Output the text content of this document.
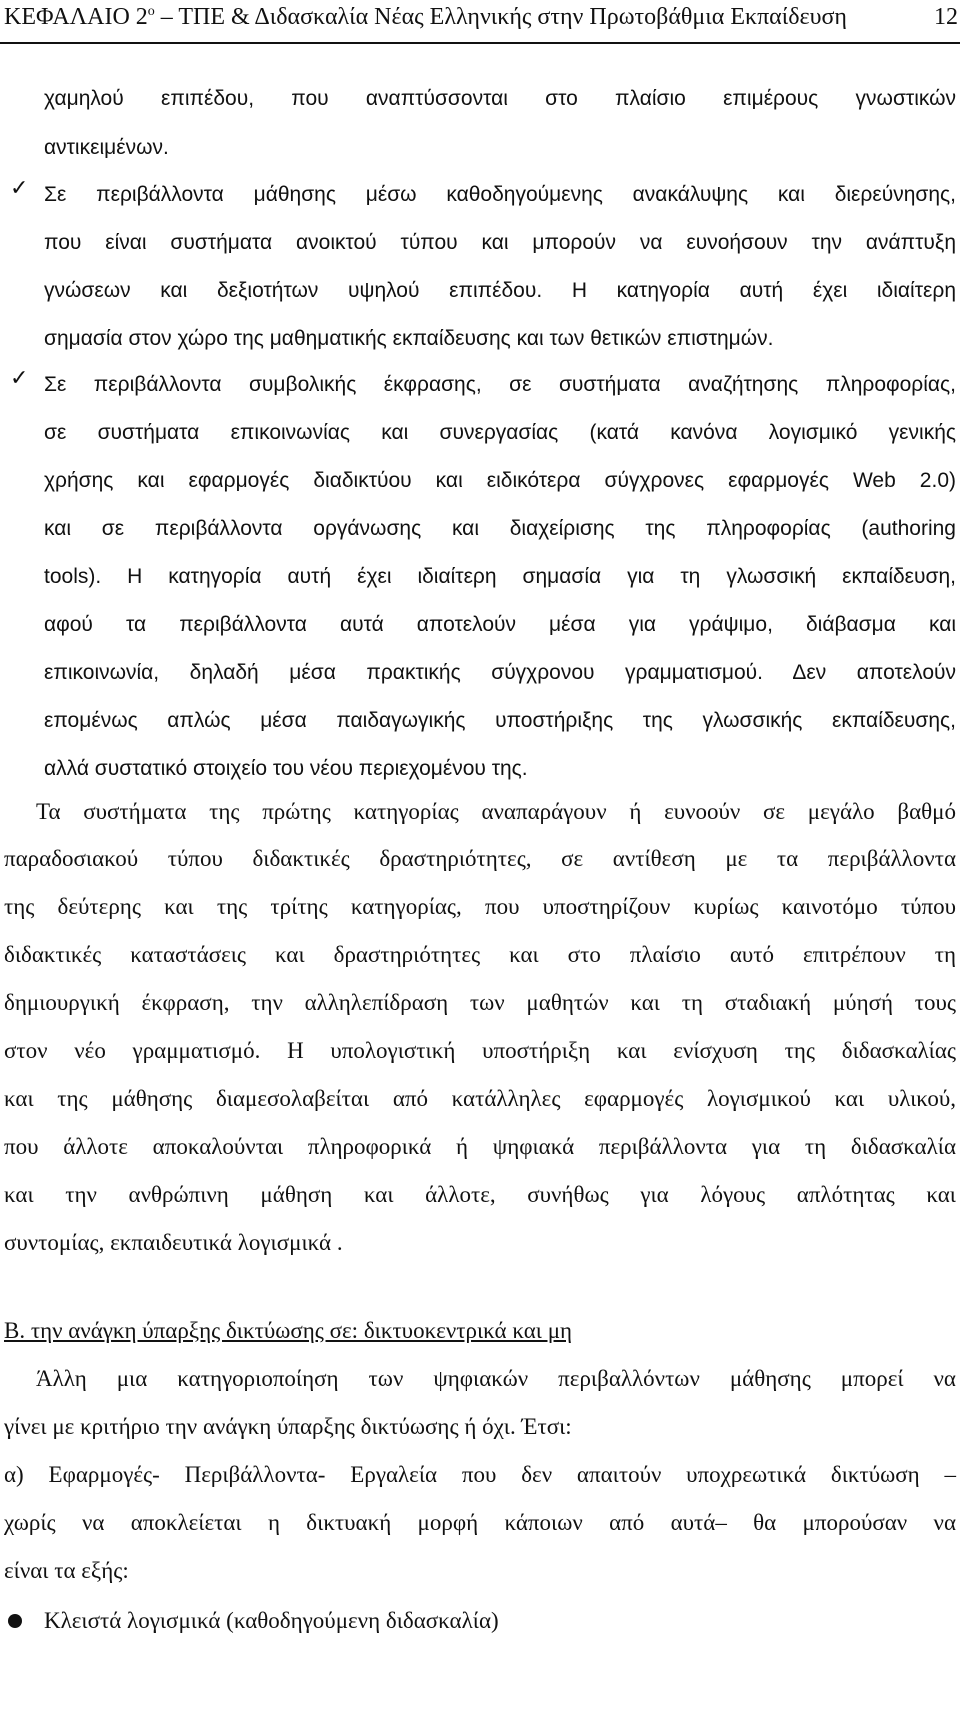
ΚΕΦΑΛΑΙΟ $2^o$ – ΤΠΕ & Διδασκαλία Νέας Ελληνικής στην Πρωτοβάθμια Εκπαίδευση	12
χαμηλού επιπέδου, που αναπτύσσονται στο πλαίσιο επιμέρους γνωστικών
αντικειμένων.
✓ Σε περιβάλλοντα μάθησης μέσω καθοδηγούμενης ανακάλυψης και διερεύνησης,
που είναι συστήματα ανοικτού τύπου και μπορούν να ευνοήσουν την ανάπτυξη
γνώσεων και δεξιοτήτων υψηλού επιπέδου. Η κατηγορία αυτή έχει ιδιαίτερη
σημασία στον χώρο της μαθηματικής εκπαίδευσης και των θετικών επιστημών.
✓ Σε περιβάλλοντα συμβολικής έκφρασης, σε συστήματα αναζήτησης πληροφορίας,
σε συστήματα επικοινωνίας και συνεργασίας (κατά κανόνα λογισμικό γενικής
χρήσης και εφαρμογές διαδικτύου και ειδικότερα σύγχρονες εφαρμογές Web 2.0)
και σε περιβάλλοντα οργάνωσης και διαχείρισης της πληροφορίας (authoring
tools). Η κατηγορία αυτή έχει ιδιαίτερη σημασία για τη γλωσσική εκπαίδευση,
αφού τα περιβάλλοντα αυτά αποτελούν μέσα για γράψιμο, διάβασμα και
επικοινωνία, δηλαδή μέσα πρακτικής σύγχρονου γραμματισμού. Δεν αποτελούν
επομένως απλώς μέσα παιδαγωγικής υποστήριξης της γλωσσικής εκπαίδευσης,
αλλά συστατικό στοιχείο του νέου περιεχομένου της.
Τα συστήματα της πρώτης κατηγορίας αναπαράγουν ή ευνοούν σε μεγάλο βαθμό
παραδοσιακού τύπου διδακτικές δραστηριότητες, σε αντίθεση με τα περιβάλλοντα
της δεύτερης και της τρίτης κατηγορίας, που υποστηρίζουν κυρίως καινοτόμο τύπου
διδακτικές καταστάσεις και δραστηριότητες και στο πλαίσιο αυτό επιτρέπουν τη
δημιουργική έκφραση, την αλληλεπίδραση των μαθητών και τη σταδιακή μύησή τους
στον νέο γραμματισμό. Η υπολογιστική υποστήριξη και ενίσχυση της διδασκαλίας
και της μάθησης διαμεσολαβείται από κατάλληλες εφαρμογές λογισμικού και υλικού,
που άλλοτε αποκαλούνται πληροφορικά ή ψηφιακά περιβάλλοντα για τη διδασκαλία
και την ανθρώπινη μάθηση και άλλοτε, συνήθως για λόγους απλότητας και
συντομίας, εκπαιδευτικά λογισμικά .
Β. την ανάγκη ύπαρξης δικτύωσης σε: δικτυοκεντρικά και μη
Άλλη μια κατηγοριοποίηση των ψηφιακών περιβαλλόντων μάθησης μπορεί να
γίνει με κριτήριο την ανάγκη ύπαρξης δικτύωσης ή όχι. Έτσι:
α) Εφαρμογές- Περιβάλλοντα- Εργαλεία που δεν απαιτούν υποχρεωτικά δικτύωση –
χωρίς να αποκλείεται η δικτυακή μορφή κάποιων από αυτά– θα μπορούσαν να
είναι τα εξής:
Κλειστά λογισμικά (καθοδηγούμενη διδασκαλία)
